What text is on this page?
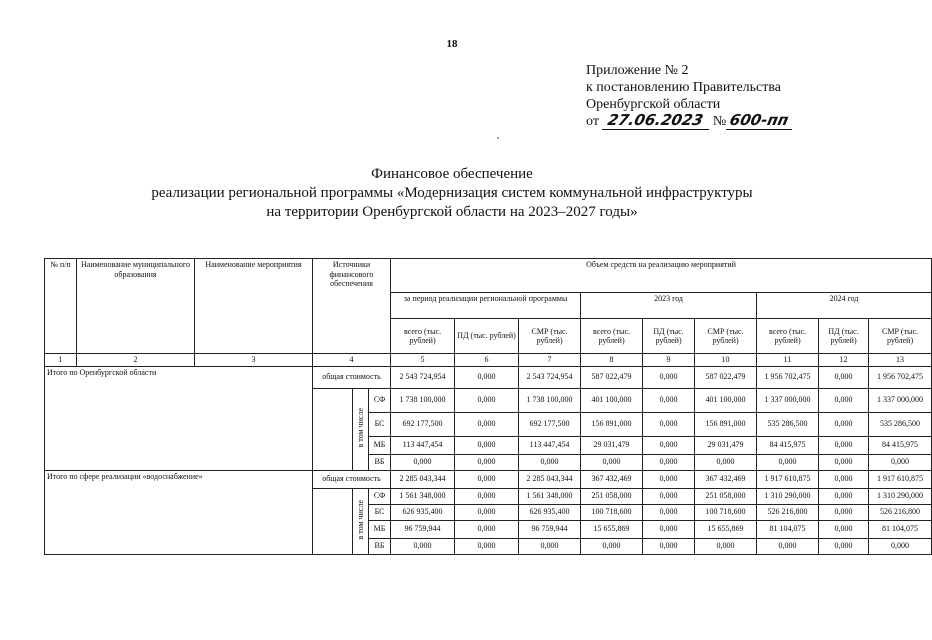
18
Приложение № 2
к постановлению Правительства
Оренбургской области
от 27.06.2023 № 600-пп
Финансовое обеспечение
реализации региональной программы «Модернизация систем коммунальной инфраструктуры
на территории Оренбургской области на 2023–2027 годы»
№ п/п	Наименование муниципального образования	Наименование мероприятия	Источники финансового обеспечения			Объем средств на реализацию мероприятий								
						за период реализации региональной программы			2023 год			2024 год		
						всего (тыс. рублей)	ПД (тыс. рублей)	СМР (тыс. рублей)	всего (тыс. рублей)	ПД (тыс. рублей)	СМР (тыс. рублей)	всего (тыс. рублей)	ПД (тыс. рублей)	СМР (тыс. рублей)
1	2	3	4			5	6	7	8	9	10	11	12	13
Итого по Оренбургской области			общая стоимость			2 543 724,954	0,000	2 543 724,954	587 022,479	0,000	587 022,479	1 956 702,475	0,000	1 956 702,475
				в том числе	СФ	1 738 100,000	0,000	1 738 100,000	401 100,000	0,000	401 100,000	1 337 000,000	0,000	1 337 000,000
					БС	692 177,500	0,000	692 177,500	156 891,000	0,000	156 891,000	535 286,500	0,000	535 286,500
					МБ	113 447,454	0,000	113 447,454	29 031,479	0,000	29 031,479	84 415,975	0,000	84 415,975
					ВБ	0,000	0,000	0,000	0,000	0,000	0,000	0,000	0,000	0,000
Итого по сфере реализации «водоснабжение»			общая стоимость			2 285 043,344	0,000	2 285 043,344	367 432,469	0,000	367 432,469	1 917 610,875	0,000	1 917 610,875
				в том числе	СФ	1 561 348,000	0,000	1 561 348,000	251 058,000	0,000	251 058,000	1 310 290,000	0,000	1 310 290,000
					БС	626 935,400	0,000	626 935,400	100 718,600	0,000	100 718,600	526 216,800	0,000	526 216,800
					МБ	96 759,944	0,000	96 759,944	15 655,869	0,000	15 655,869	81 104,075	0,000	81 104,075
					ВБ	0,000	0,000	0,000	0,000	0,000	0,000	0,000	0,000	0,000
